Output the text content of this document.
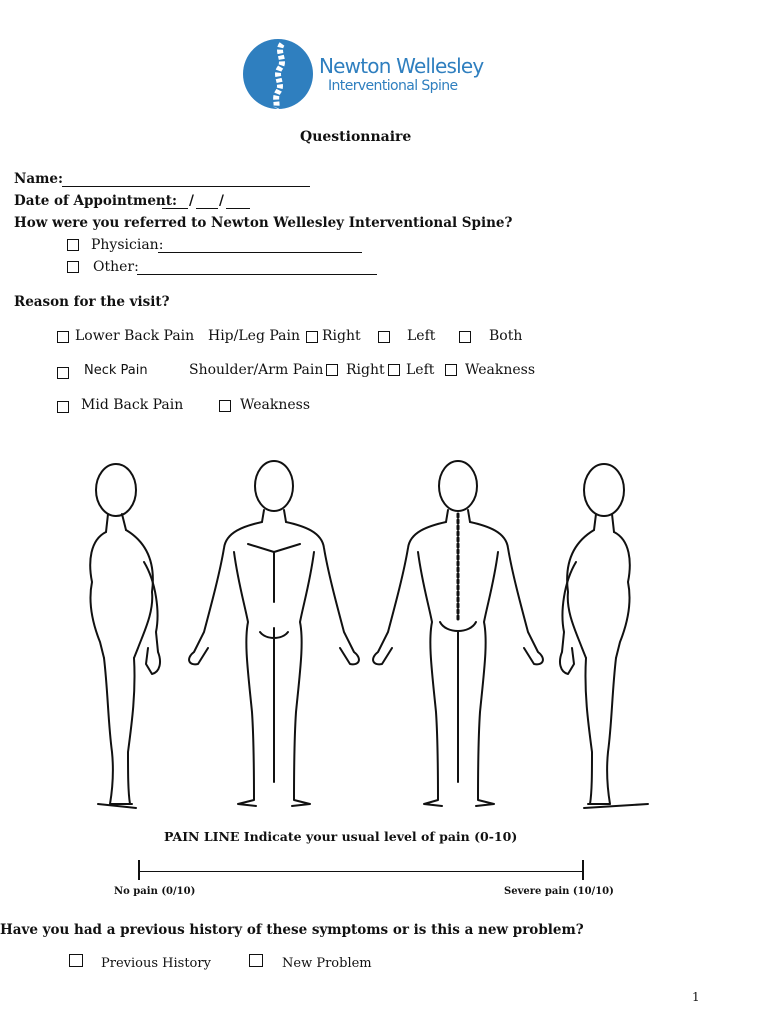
Newton Wellesley
Interventional Spine
Questionnaire
Name:
Date of Appointment: / /
How were you referred to Newton Wellesley Interventional Spine?
Physician:
Other:
Reason for the visit?
Lower Back Pain Hip/Leg Pain Right	Left	Both
Neck Pain	Shoulder/Arm Pain Right Left Weakness
Mid Back Pain	Weakness
PAIN LINE Indicate your usual level of pain (0-10)
No pain (0/10)	Severe pain (10/10)
Have you had a previous history of these symptoms or is this a new problem?
Previous History	New Problem
1
